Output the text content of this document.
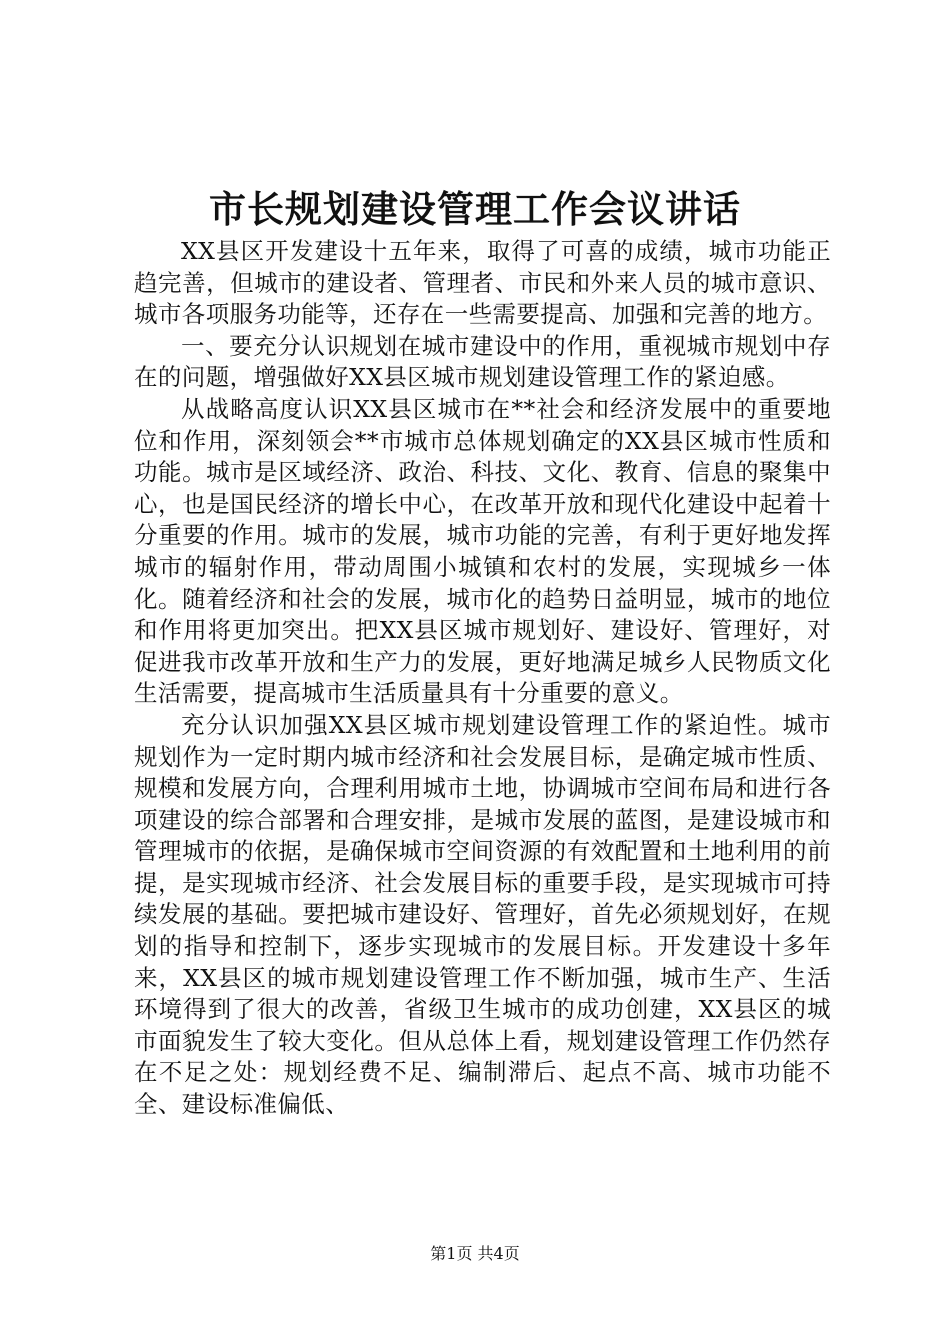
市长规划建设管理工作会议讲话

XX县区开发建设十五年来，取得了可喜的成绩，城市功能正趋完善，但城市的建设者、管理者、市民和外来人员的城市意识、城市各项服务功能等，还存在一些需要提高、加强和完善的地方。

一、要充分认识规划在城市建设中的作用，重视城市规划中存在的问题，增强做好XX县区城市规划建设管理工作的紧迫感。

从战略高度认识XX县区城市在**社会和经济发展中的重要地位和作用，深刻领会**市城市总体规划确定的XX县区城市性质和功能。城市是区域经济、政治、科技、文化、教育、信息的聚集中心，也是国民经济的增长中心，在改革开放和现代化建设中起着十分重要的作用。城市的发展，城市功能的完善，有利于更好地发挥城市的辐射作用，带动周围小城镇和农村的发展，实现城乡一体化。随着经济和社会的发展，城市化的趋势日益明显，城市的地位和作用将更加突出。把XX县区城市规划好、建设好、管理好，对促进我市改革开放和生产力的发展，更好地满足城乡人民物质文化生活需要，提高城市生活质量具有十分重要的意义。

充分认识加强XX县区城市规划建设管理工作的紧迫性。城市规划作为一定时期内城市经济和社会发展目标，是确定城市性质、规模和发展方向，合理利用城市土地，协调城市空间布局和进行各项建设的综合部署和合理安排，是城市发展的蓝图，是建设城市和管理城市的依据，是确保城市空间资源的有效配置和土地利用的前提，是实现城市经济、社会发展目标的重要手段，是实现城市可持续发展的基础。要把城市建设好、管理好，首先必须规划好，在规划的指导和控制下，逐步实现城市的发展目标。开发建设十多年来，XX县区的城市规划建设管理工作不断加强，城市生产、生活环境得到了很大的改善，省级卫生城市的成功创建，XX县区的城市面貌发生了较大变化。但从总体上看，规划建设管理工作仍然存在不足之处：规划经费不足、编制滞后、起点不高、城市功能不全、建设标准偏低、

第1页 共4页
